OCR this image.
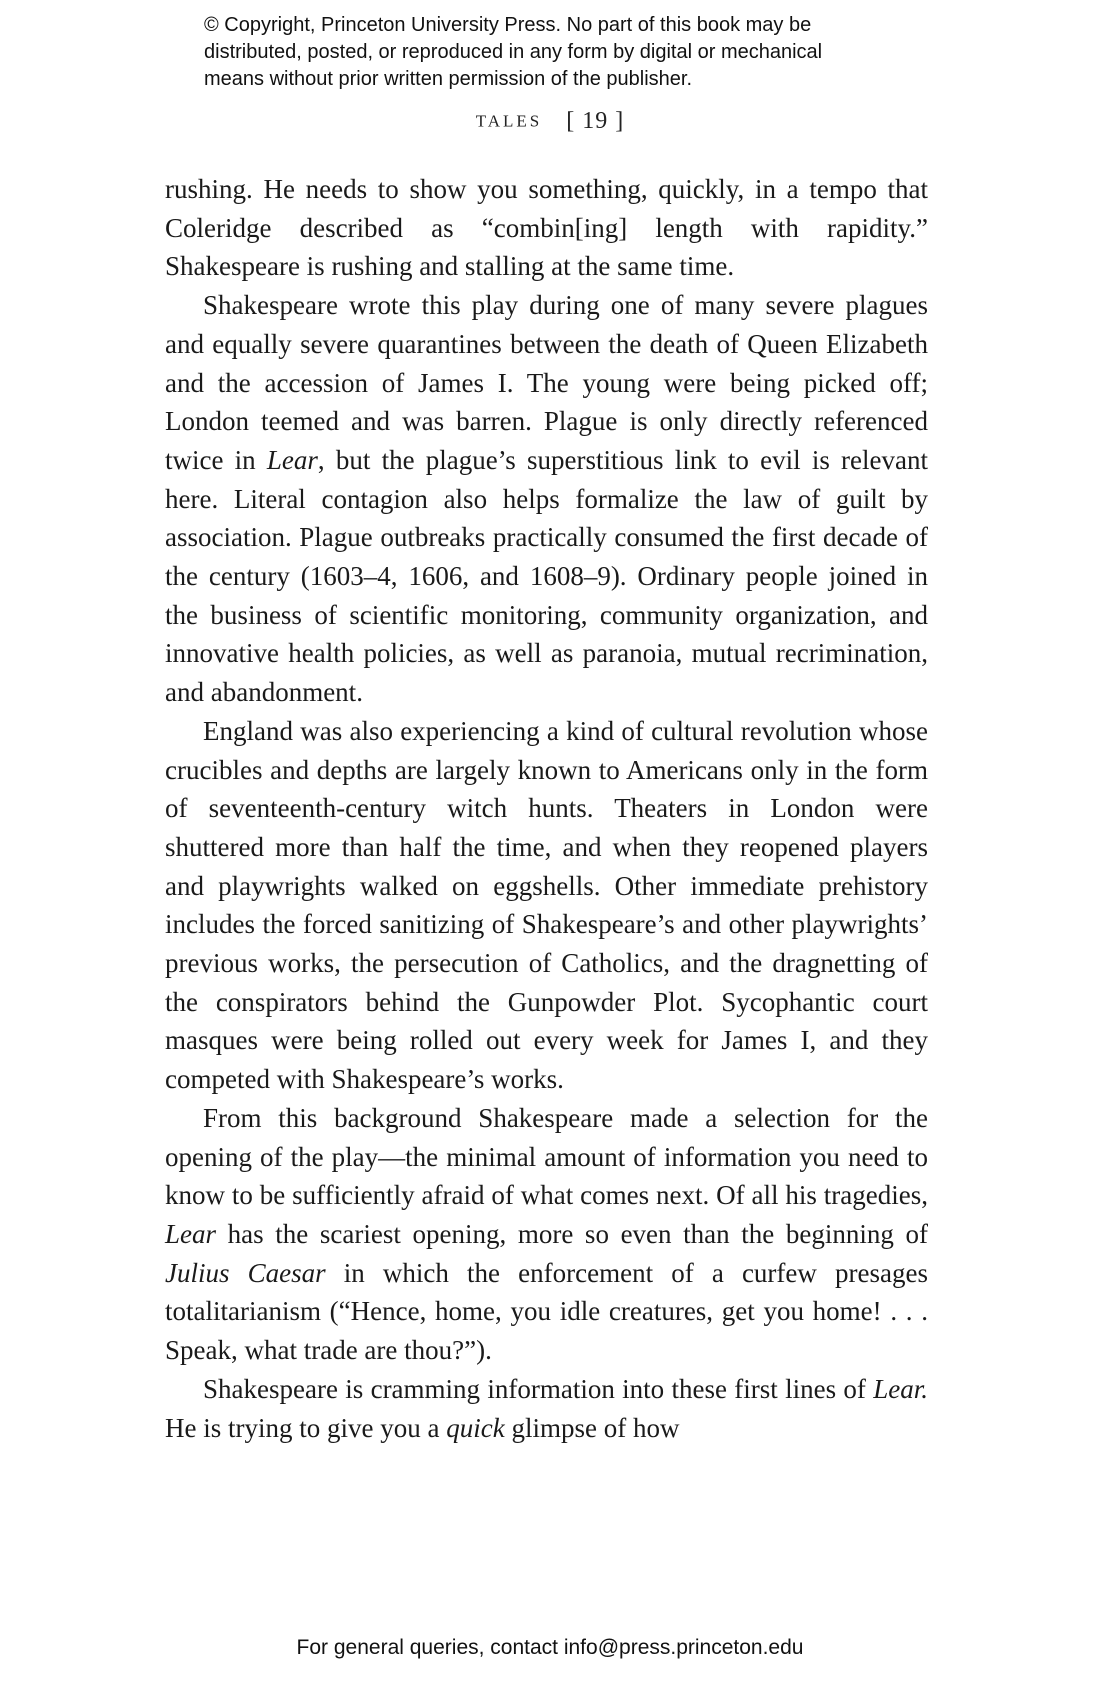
© Copyright, Princeton University Press. No part of this book may be
distributed, posted, or reproduced in any form by digital or mechanical
means without prior written permission of the publisher.
TALES [ 19 ]

rushing. He needs to show you something, quickly, in a tempo that Coleridge described as “combin[ing] length with rapidity.” Shakespeare is rushing and stalling at the same time.

Shakespeare wrote this play during one of many severe plagues and equally severe quarantines between the death of Queen Elizabeth and the accession of James I. The young were being picked off; London teemed and was barren. Plague is only directly referenced twice in Lear, but the plague’s superstitious link to evil is relevant here. Literal contagion also helps formalize the law of guilt by association. Plague outbreaks practically consumed the first decade of the century (1603–4, 1606, and 1608–9). Ordinary people joined in the business of scientific monitoring, community organization, and innovative health policies, as well as paranoia, mutual recrimination, and abandonment.

England was also experiencing a kind of cultural revolution whose crucibles and depths are largely known to Americans only in the form of seventeenth-century witch hunts. Theaters in London were shuttered more than half the time, and when they reopened players and playwrights walked on eggshells. Other immediate prehistory includes the forced sanitizing of Shakespeare’s and other playwrights’ previous works, the persecution of Catholics, and the dragnetting of the conspirators behind the Gunpowder Plot. Sycophantic court masques were being rolled out every week for James I, and they competed with Shakespeare’s works.

From this background Shakespeare made a selection for the opening of the play—the minimal amount of information you need to know to be sufficiently afraid of what comes next. Of all his tragedies, Lear has the scariest opening, more so even than the beginning of Julius Caesar in which the enforcement of a curfew presages totalitarianism (“Hence, home, you idle creatures, get you home! . . . Speak, what trade are thou?”).

Shakespeare is cramming information into these first lines of Lear. He is trying to give you a quick glimpse of how

For general queries, contact info@press.princeton.edu
